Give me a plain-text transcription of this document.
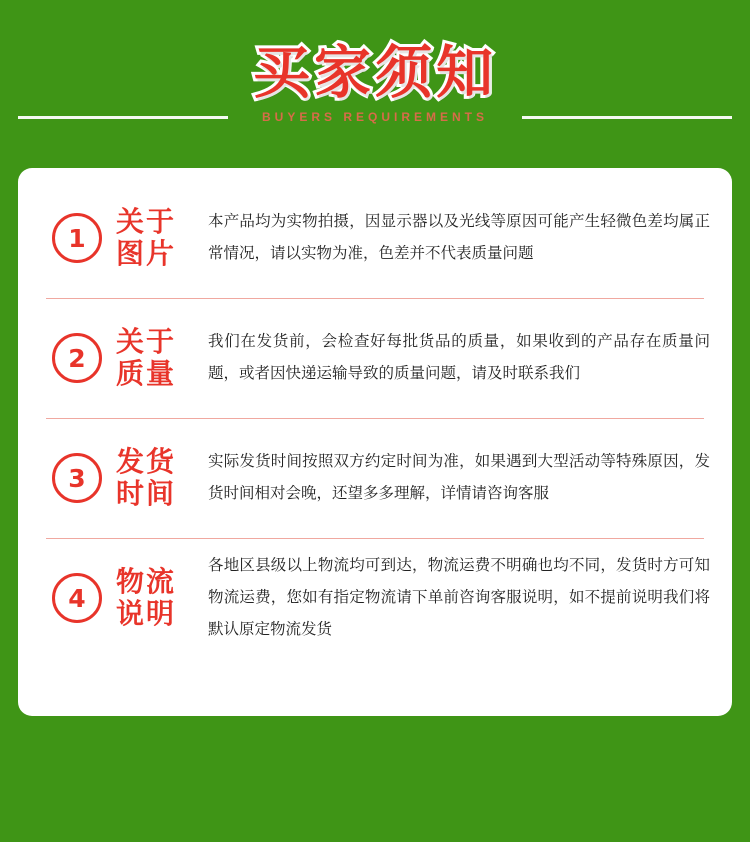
买家须知
BUYERS REQUIREMENTS
1
关于
图片
本产品均为实物拍摄，因显示器以及光线等原因可能产生轻微色差均属正常情况，请以实物为准，色差并不代表质量问题
2
关于
质量
我们在发货前，会检查好每批货品的质量，如果收到的产品存在质量问题，或者因快递运输导致的质量问题，请及时联系我们
3
发货
时间
实际发货时间按照双方约定时间为准，如果遇到大型活动等特殊原因，发货时间相对会晚，还望多多理解，详情请咨询客服
4
物流
说明
各地区县级以上物流均可到达，物流运费不明确也均不同，发货时方可知物流运费，您如有指定物流请下单前咨询客服说明，如不提前说明我们将默认原定物流发货
